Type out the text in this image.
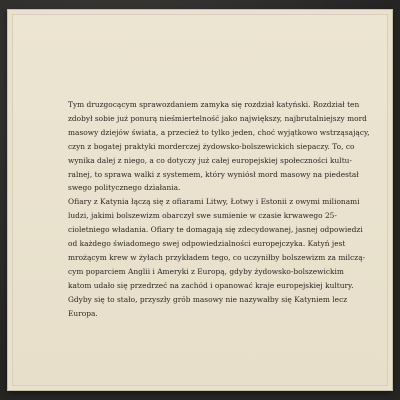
Tym druzgocącym sprawozdaniem zamyka się rozdział katyński. Rozdział ten
zdobył sobie już ponurą nieśmiertelność jako największy, najbrutalniejszy mord
masowy dziejów świata, a przecież to tylko jeden, choć wyjątkowo wstrząsający,
czyn z bogatej praktyki morderczej żydowsko-bolszewickich siepaczy. To, co
wynika dalej z niego, a co dotyczy już całej europejskiej społeczności kultu-
ralnej, to sprawa walki z systemem, który wyniósł mord masowy na piedestał
swego politycznego działania.

Ofiary z Katynia łączą się z ofiarami Litwy, Łotwy i Estonii z owymi milionami
ludzi, jakimi bolszewizm obarczył swe sumienie w czasie krwawego 25-
cioletniego władania. Ofiary te domagają się zdecydowanej, jasnej odpowiedzi
od każdego świadomego swej odpowiedzialności europejczyka. Katyń jest
mrożącym krew w żyłach przykładem tego, co uczyniłby bolszewizm za milczą-
cym poparciem Anglii i Ameryki z Europą, gdyby żydowsko-bolszewickim
katom udało się przedrzeć na zachód i opanować kraje europejskiej kultury.
Gdyby się to stało, przyszły grób masowy nie nazywałby się Katyniem lecz
Europa.
